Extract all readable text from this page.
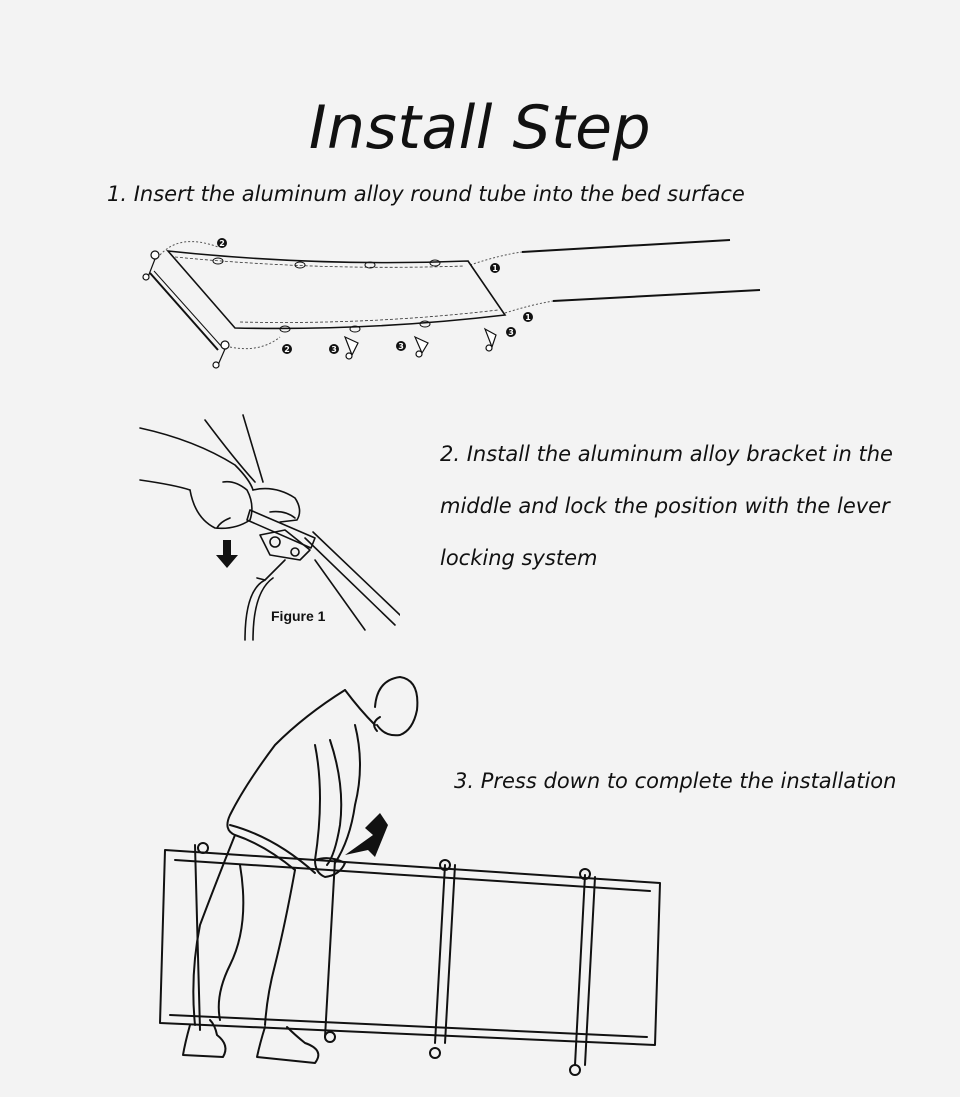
Install Step
1. Insert the aluminum alloy round tube into the bed surface
2
1
1
2	3	3
3
Figure 1
2. Install the aluminum alloy bracket in the
middle and lock the position with the lever
locking system
3. Press down to complete the installation
